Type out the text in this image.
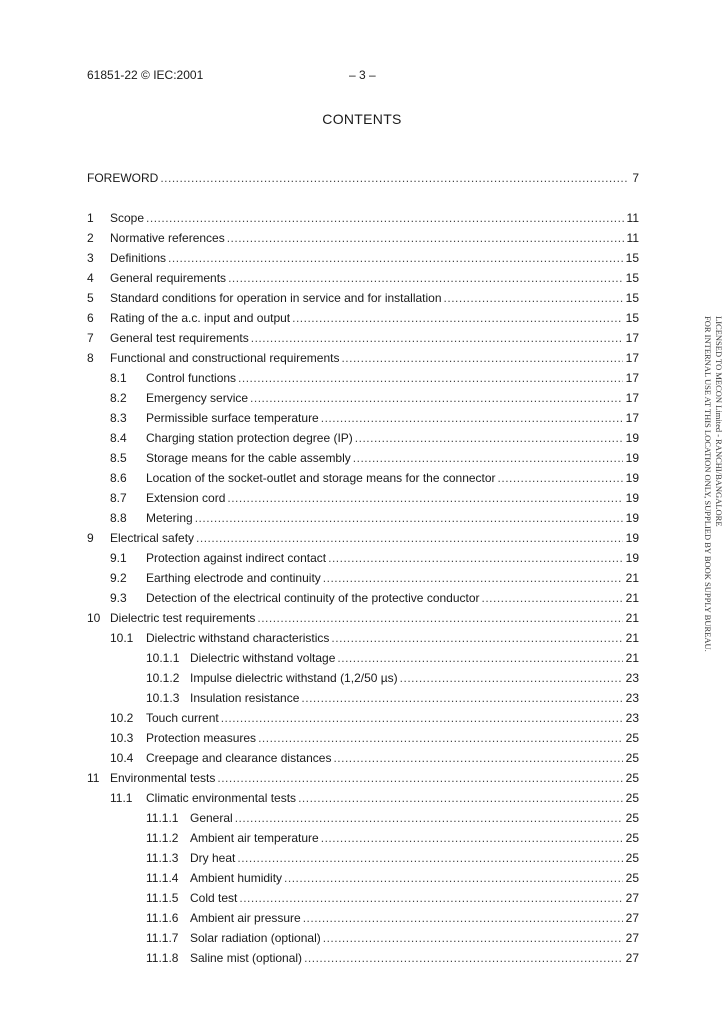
61851-22 © IEC:2001	– 3 –
CONTENTS
FOREWORD .....	7
1	Scope .....	11
2	Normative references .....	11
3	Definitions .....	15
4	General requirements .....	15
5	Standard conditions for operation in service and for installation .....	15
6	Rating of the a.c. input and output .....	15
7	General test requirements .....	17
8	Functional and constructional requirements .....	17
8.1	Control functions .....	17
8.2	Emergency service .....	17
8.3	Permissible surface temperature .....	17
8.4	Charging station protection degree (IP) .....	19
8.5	Storage means for the cable assembly .....	19
8.6	Location of the socket-outlet and storage means for the connector .....	19
8.7	Extension cord .....	19
8.8	Metering .....	19
9	Electrical safety .....	19
9.1	Protection against indirect contact .....	19
9.2	Earthing electrode and continuity .....	21
9.3	Detection of the electrical continuity of the protective conductor .....	21
10 Dielectric test requirements .....	21
10.1	Dielectric withstand characteristics .....	21
10.1.1 Dielectric withstand voltage .....	21
10.1.2 Impulse dielectric withstand (1,2/50 µs) .....	23
10.1.3 Insulation resistance .....	23
10.2	Touch current .....	23
10.3	Protection measures .....	25
10.4	Creepage and clearance distances .....	25
11 Environmental tests .....	25
11.1	Climatic environmental tests .....	25
11.1.1 General .....	25
11.1.2 Ambient air temperature .....	25
11.1.3 Dry heat .....	25
11.1.4 Ambient humidity .....	25
11.1.5 Cold test .....	27
11.1.6 Ambient air pressure .....	27
11.1.7 Solar radiation (optional) .....	27
11.1.8 Saline mist (optional) .....	27
LICENSED TO MECON Limited - RANCHI/BANGALORE
FOR INTERNAL USE AT THIS LOCATION ONLY, SUPPLIED BY BOOK SUPPLY BUREAU.
